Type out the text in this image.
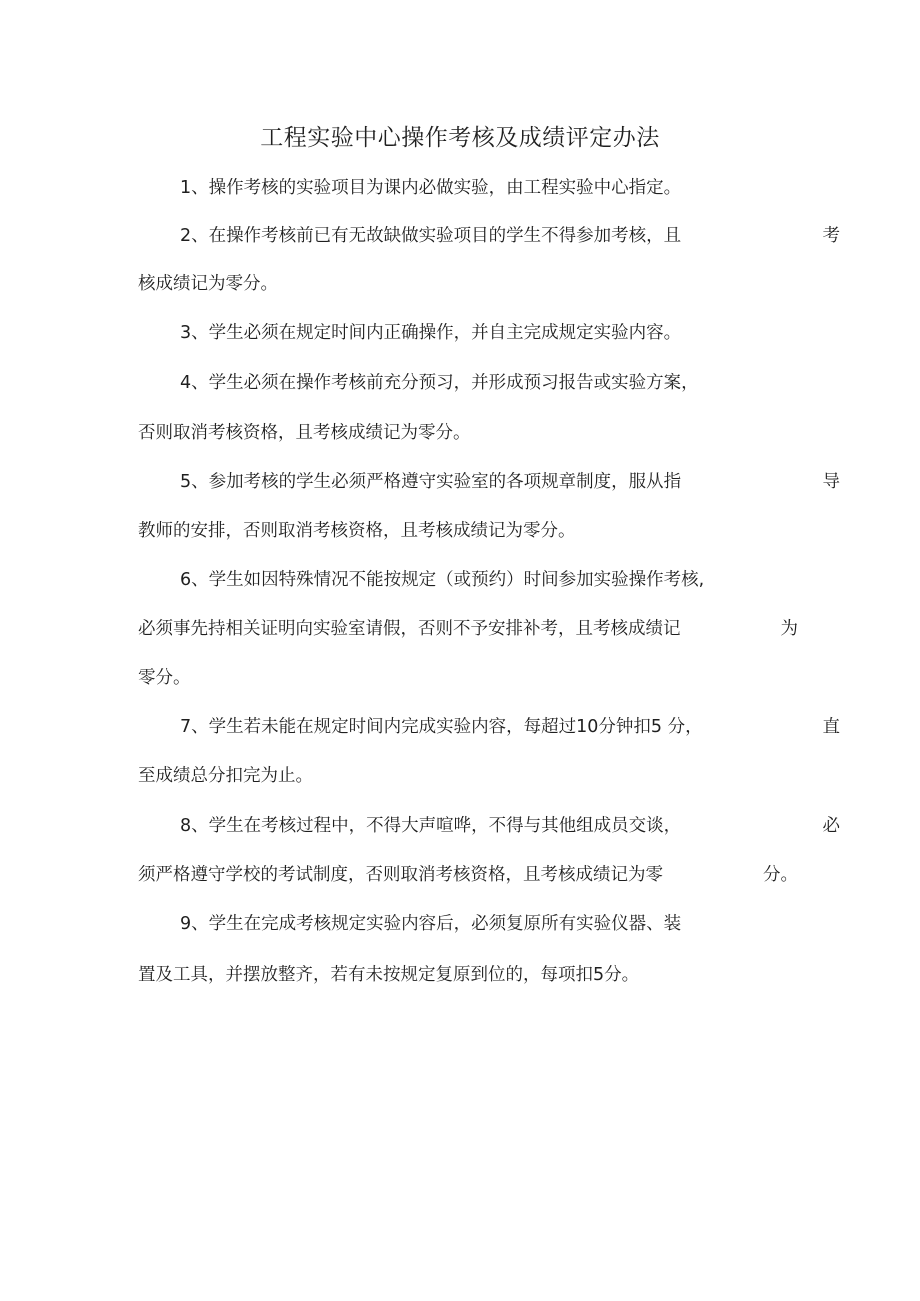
工程实验中心操作考核及成绩评定办法
1、操作考核的实验项目为课内必做实验，由工程实验中心指定。
2、在操作考核前已有无故缺做实验项目的学生不得参加考核，且	考
核成绩记为零分。
3、学生必须在规定时间内正确操作，并自主完成规定实验内容。
4、学生必须在操作考核前充分预习，并形成预习报告或实验方案，
否则取消考核资格，且考核成绩记为零分。
5、参加考核的学生必须严格遵守实验室的各项规章制度，服从指	导
教师的安排，否则取消考核资格，且考核成绩记为零分。
6、学生如因特殊情况不能按规定（或预约）时间参加实验操作考核,
必须事先持相关证明向实验室请假，否则不予安排补考，且考核成绩记	为
零分。
7、学生若未能在规定时间内完成实验内容，每超过10分钟扣5 分，	直
至成绩总分扣完为止。
8、学生在考核过程中，不得大声喧哗，不得与其他组成员交谈，	必
须严格遵守学校的考试制度，否则取消考核资格，且考核成绩记为零	分。
9、学生在完成考核规定实验内容后，必须复原所有实验仪器、装
置及工具，并摆放整齐，若有未按规定复原到位的，每项扣5分。
